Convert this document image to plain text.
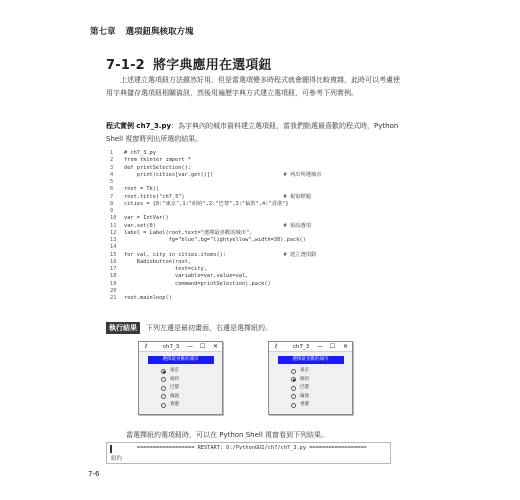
第七章 選項鈕與核取方塊
7-1-2 將字典應用在選項鈕
上述建立選項鈕方法雖然好用，但是當選項變多時程式就會顯得比較複雜，此時可以考慮使用字典儲存選項鈕相關資訊，然後用遍歷字典方式建立選項鈕，可參考下列實例。
程式實例 ch7_3.py：為字典內的城市資料建立選項鈕，當我們點選最喜歡的程式時，Python Shell 視窗將列出所選的結果。
1 # ch7_3.py
2 from tkinter import *
3 def printSelection():
4    print(cities[var.get()])	# 列出所選城市
5
6 root = Tk()
7 root.title("ch7_3")	# 視窗標題
8 cities = {0:"東京",1:"紐約",2:"巴黎",3:"倫敦",4:"香港"}
9
10 var = IntVar()
11 var.set(0)	# 預設選項
12 label = Label(root,text="選擇最喜歡的城市",
13              fg="blue",bg="lightyellow",width=30).pack()
14
15 for val, city in cities.items():	# 建立選項鈕
16    Radiobutton(root,
17                text=city,
18                variable=var,value=val,
19                command=printSelection).pack()
20
21 root.mainloop()
執行結果	下列左邊是最初畫面，右邊是選擇紐約。
ℓ	ch7_3 — ☐ ✕
選擇最喜歡的城市
東京
紐約
巴黎
倫敦
香港
ℓ	ch7_3 — ☐ ✕
選擇最喜歡的城市
東京
紐約
巴黎
倫敦
香港
當選擇紐約選項鈕時，可以在 Python Shell 視窗看到下列結果。
================== RESTART: D:/PythonGUI/ch7/ch7_3.py ==================
紐約
7-6
